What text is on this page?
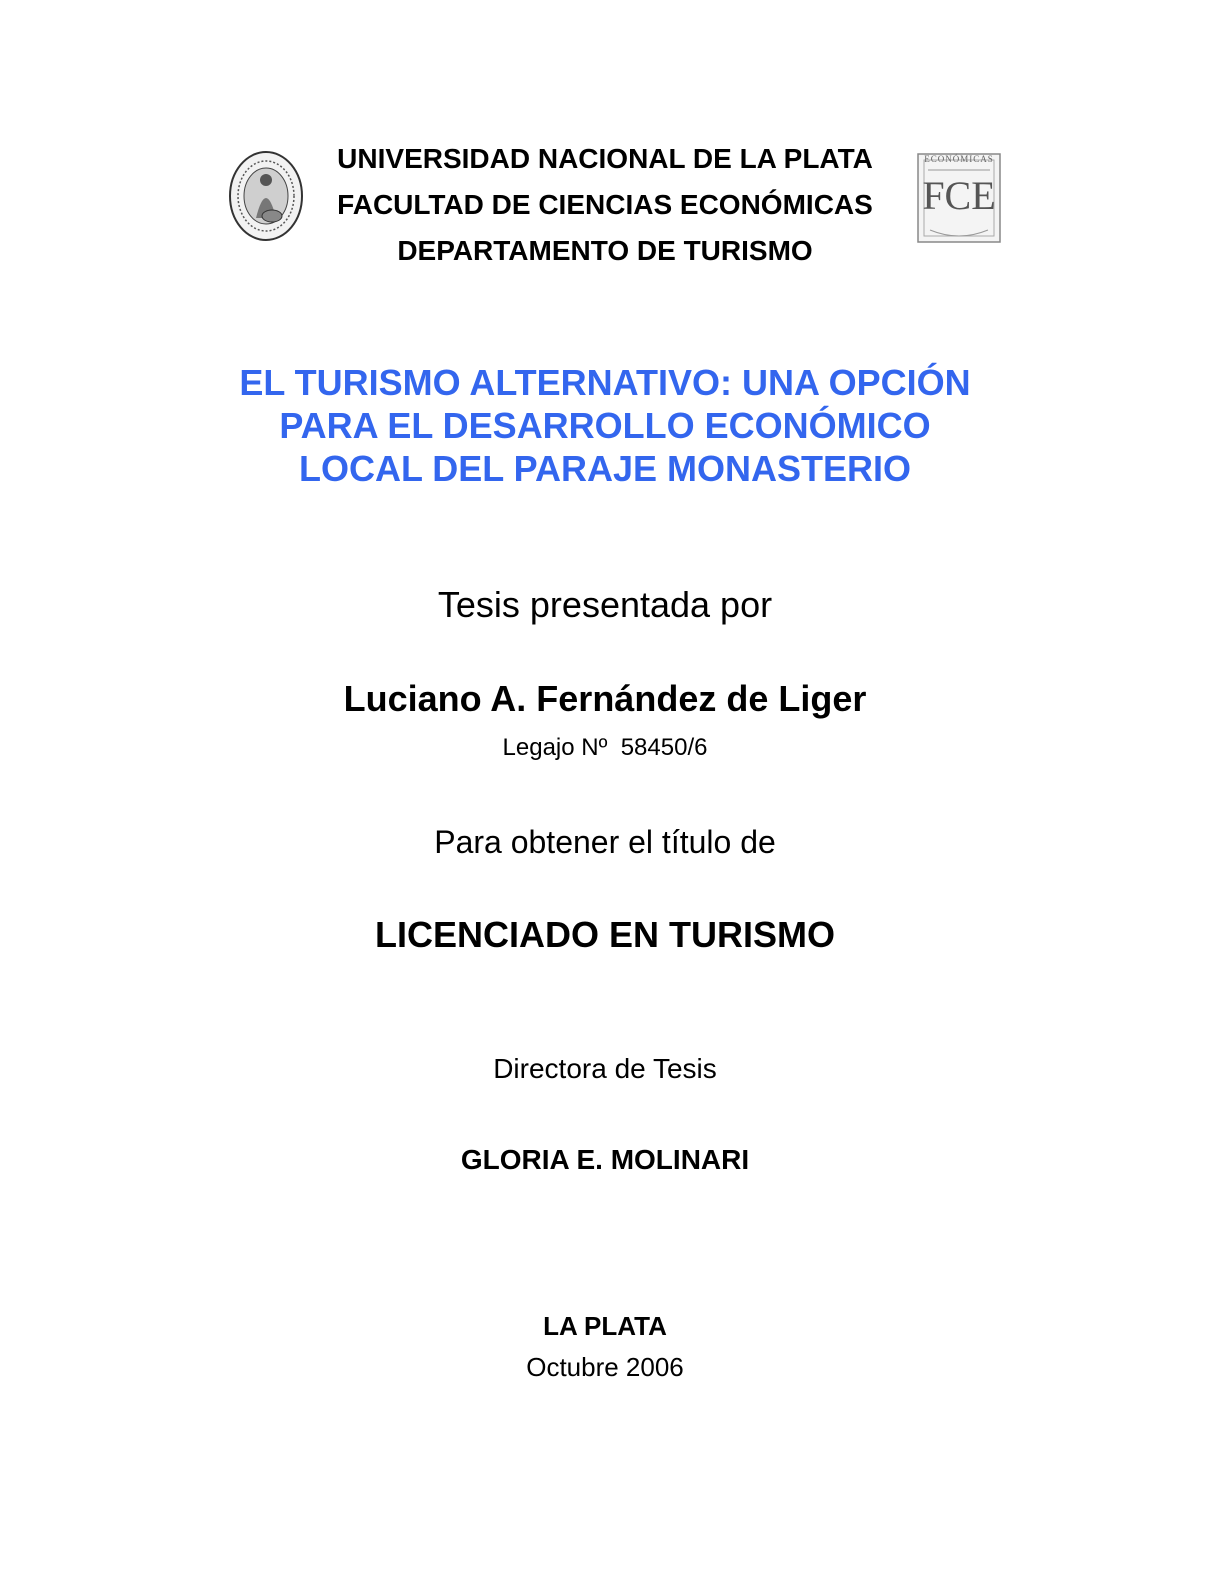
UNIVERSIDAD NACIONAL DE LA PLATA
FACULTAD DE CIENCIAS ECONÓMICAS
DEPARTAMENTO DE TURISMO
ECONÓMICAS
FCE
EL TURISMO ALTERNATIVO: UNA OPCIÓN
PARA EL DESARROLLO ECONÓMICO
LOCAL DEL PARAJE MONASTERIO
Tesis presentada por
Luciano A. Fernández de Liger
Legajo Nº  58450/6
Para obtener el título de
LICENCIADO EN TURISMO
Directora de Tesis
GLORIA E. MOLINARI
LA PLATA
Octubre 2006
